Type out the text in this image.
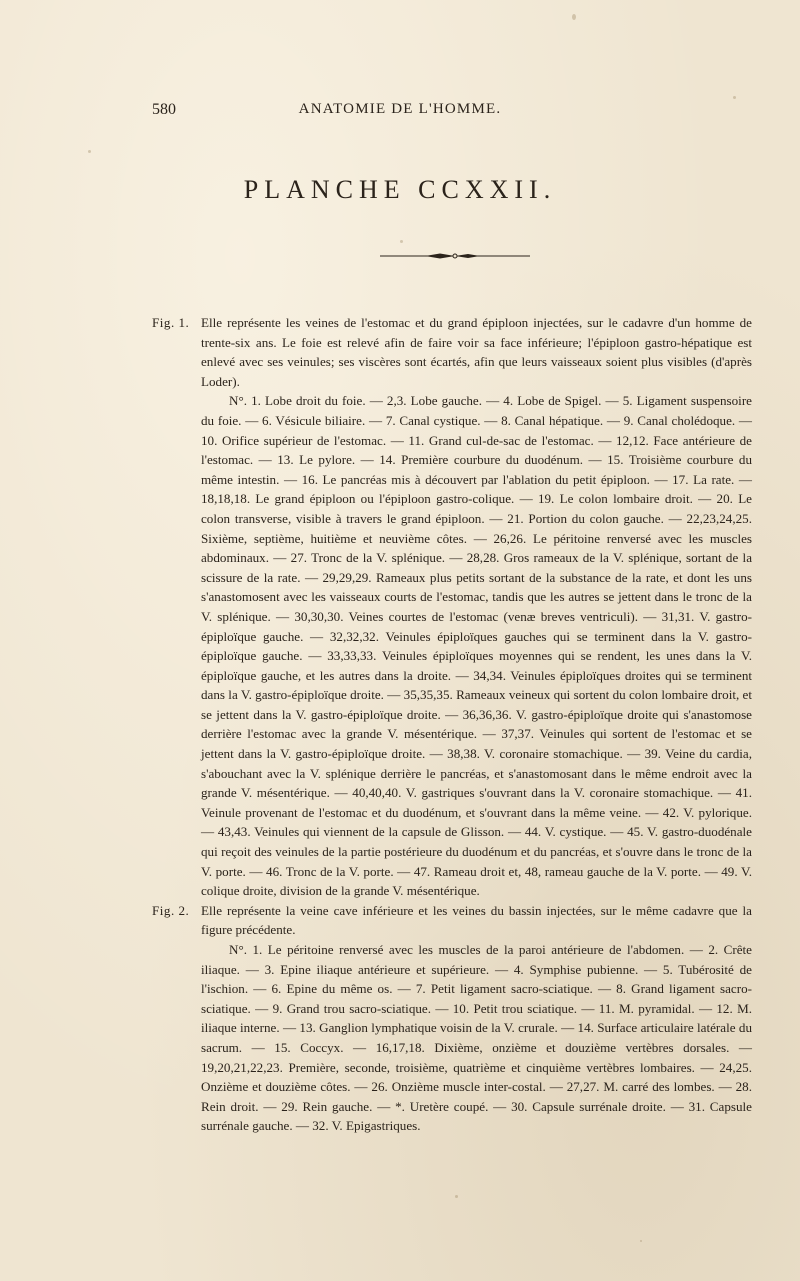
580	ANATOMIE DE L'HOMME.
PLANCHE CCXXII.
Fig. 1. Elle représente les veines de l'estomac et du grand épiploon injectées, sur le cadavre d'un homme de trente-six ans. Le foie est relevé afin de faire voir sa face inférieure; l'épiploon gastro-hépatique est enlevé avec ses veinules; ses viscères sont écartés, afin que leurs vaisseaux soient plus visibles (d'après Loder).

N°. 1. Lobe droit du foie. — 2,3. Lobe gauche. — 4. Lobe de Spigel. — 5. Ligament suspensoire du foie. — 6. Vésicule biliaire. — 7. Canal cystique. — 8. Canal hépatique. — 9. Canal cholédoque. — 10. Orifice supérieur de l'estomac. — 11. Grand cul-de-sac de l'estomac. — 12,12. Face antérieure de l'estomac. — 13. Le pylore. — 14. Première courbure du duodénum. — 15. Troisième courbure du même intestin. — 16. Le pancréas mis à découvert par l'ablation du petit épiploon. — 17. La rate. — 18,18,18. Le grand épiploon ou l'épiploon gastro-colique. — 19. Le colon lombaire droit. — 20. Le colon transverse, visible à travers le grand épiploon. — 21. Portion du colon gauche. — 22,23,24,25. Sixième, septième, huitième et neuvième côtes. — 26,26. Le péritoine renversé avec les muscles abdominaux. — 27. Tronc de la V. splénique. — 28,28. Gros rameaux de la V. splénique, sortant de la scissure de la rate. — 29,29,29. Rameaux plus petits sortant de la substance de la rate, et dont les uns s'anastomosent avec les vaisseaux courts de l'estomac, tandis que les autres se jettent dans le tronc de la V. splénique. — 30,30,30. Veines courtes de l'estomac (venæ breves ventriculi). — 31,31. V. gastro-épiploïque gauche. — 32,32,32. Veinules épiploïques gauches qui se terminent dans la V. gastro-épiploïque gauche. — 33,33,33. Veinules épiploïques moyennes qui se rendent, les unes dans la V. épiploïque gauche, et les autres dans la droite. — 34,34. Veinules épiploïques droites qui se terminent dans la V. gastro-épiploïque droite. — 35,35,35. Rameaux veineux qui sortent du colon lombaire droit, et se jettent dans la V. gastro-épiploïque droite. — 36,36,36. V. gastro-épiploïque droite qui s'anastomose derrière l'estomac avec la grande V. mésentérique. — 37,37. Veinules qui sortent de l'estomac et se jettent dans la V. gastro-épiploïque droite. — 38,38. V. coronaire stomachique. — 39. Veine du cardia, s'abouchant avec la V. splénique derrière le pancréas, et s'anastomosant dans le même endroit avec la grande V. mésentérique. — 40,40,40. V. gastriques s'ouvrant dans la V. coronaire stomachique. — 41. Veinule provenant de l'estomac et du duodénum, et s'ouvrant dans la même veine. — 42. V. pylorique. — 43,43. Veinules qui viennent de la capsule de Glisson. — 44. V. cystique. — 45. V. gastro-duodénale qui reçoit des veinules de la partie postérieure du duodénum et du pancréas, et s'ouvre dans le tronc de la V. porte. — 46. Tronc de la V. porte. — 47. Rameau droit et, 48, rameau gauche de la V. porte. — 49. V. colique droite, division de la grande V. mésentérique.

Fig. 2. Elle représente la veine cave inférieure et les veines du bassin injectées, sur le même cadavre que la figure précédente.

N°. 1. Le péritoine renversé avec les muscles de la paroi antérieure de l'abdomen. — 2. Crête iliaque. — 3. Epine iliaque antérieure et supérieure. — 4. Symphise pubienne. — 5. Tubérosité de l'ischion. — 6. Epine du même os. — 7. Petit ligament sacro-sciatique. — 8. Grand ligament sacro-sciatique. — 9. Grand trou sacro-sciatique. — 10. Petit trou sciatique. — 11. M. pyramidal. — 12. M. iliaque interne. — 13. Ganglion lymphatique voisin de la V. crurale. — 14. Surface articulaire latérale du sacrum. — 15. Coccyx. — 16,17,18. Dixième, onzième et douzième vertèbres dorsales. — 19,20,21,22,23. Première, seconde, troisième, quatrième et cinquième vertèbres lombaires. — 24,25. Onzième et douzième côtes. — 26. Onzième muscle inter-costal. — 27,27. M. carré des lombes. — 28. Rein droit. — 29. Rein gauche. — *. Uretère coupé. — 30. Capsule surrénale droite. — 31. Capsule surrénale gauche. — 32. V. Epigastriques.
